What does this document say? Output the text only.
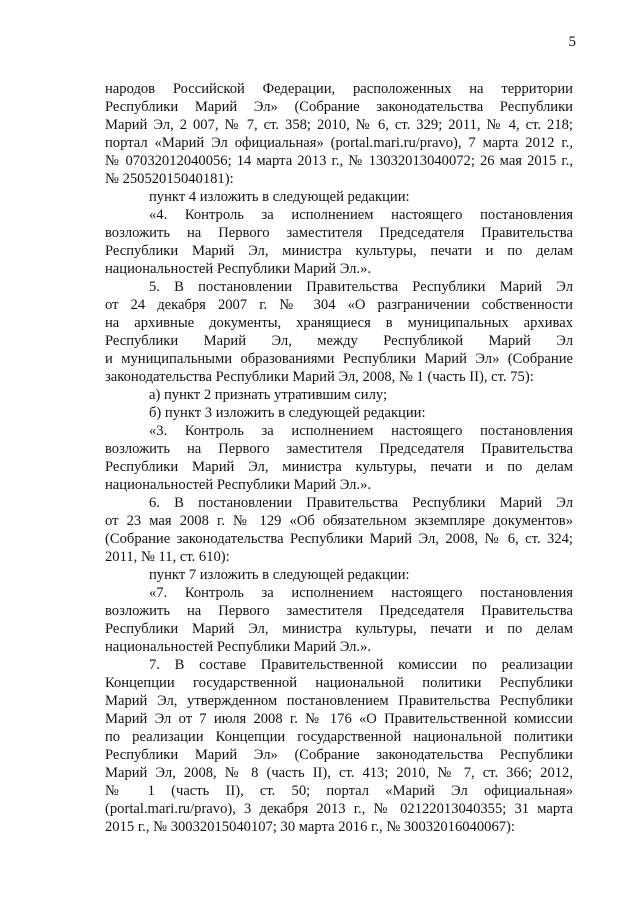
5
народов Российской Федерации, расположенных на территории
Республики Марий Эл» (Собрание законодательства Республики
Марий Эл, 2 007, № 7, ст. 358; 2010, № 6, ст. 329; 2011, № 4, ст. 218;
портал «Марий Эл официальная» (portal.mari.ru/pravo), 7 марта 2012 г.,
№ 07032012040056; 14 марта 2013 г., № 13032013040072; 26 мая 2015 г.,
№ 25052015040181):
пункт 4 изложить в следующей редакции:
«4. Контроль за исполнением настоящего постановления
возложить на Первого заместителя Председателя Правительства
Республики Марий Эл, министра культуры, печати и по делам
национальностей Республики Марий Эл.».
5. В постановлении Правительства Республики Марий Эл
от 24 декабря 2007 г. № 304 «О разграничении собственности
на архивные документы, хранящиеся в муниципальных архивах
Республики Марий Эл, между Республикой Марий Эл
и муниципальными образованиями Республики Марий Эл» (Собрание
законодательства Республики Марий Эл, 2008, № 1 (часть II), ст. 75):
а) пункт 2 признать утратившим силу;
б) пункт 3 изложить в следующей редакции:
«3. Контроль за исполнением настоящего постановления
возложить на Первого заместителя Председателя Правительства
Республики Марий Эл, министра культуры, печати и по делам
национальностей Республики Марий Эл.».
6. В постановлении Правительства Республики Марий Эл
от 23 мая 2008 г. № 129 «Об обязательном экземпляре документов»
(Собрание законодательства Республики Марий Эл, 2008, № 6, ст. 324;
2011, № 11, ст. 610):
пункт 7 изложить в следующей редакции:
«7. Контроль за исполнением настоящего постановления
возложить на Первого заместителя Председателя Правительства
Республики Марий Эл, министра культуры, печати и по делам
национальностей Республики Марий Эл.».
7. В составе Правительственной комиссии по реализации
Концепции государственной национальной политики Республики
Марий Эл, утвержденном постановлением Правительства Республики
Марий Эл от 7 июля 2008 г. № 176 «О Правительственной комиссии
по реализации Концепции государственной национальной политики
Республики Марий Эл» (Собрание законодательства Республики
Марий Эл, 2008, № 8 (часть II), ст. 413; 2010, № 7, ст. 366; 2012,
№ 1 (часть II), ст. 50; портал «Марий Эл официальная»
(portal.mari.ru/pravo), 3 декабря 2013 г., № 02122013040355; 31 марта
2015 г., № 30032015040107; 30 марта 2016 г., № 30032016040067):
